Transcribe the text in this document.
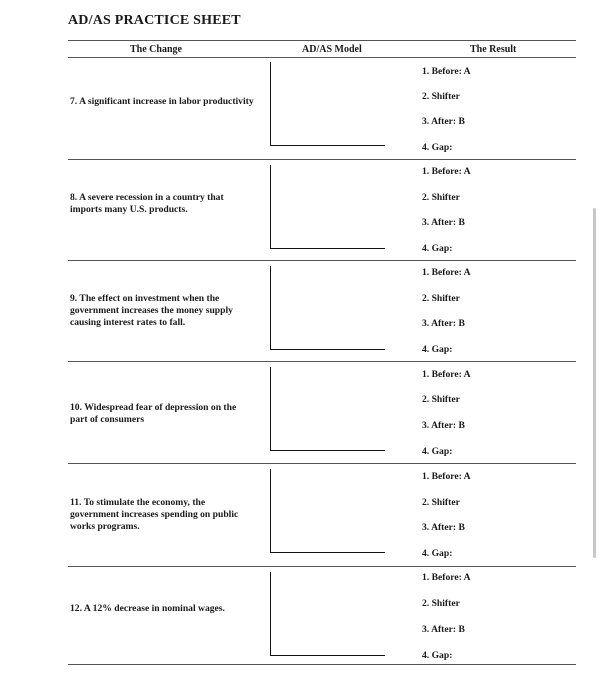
AD/AS PRACTICE SHEET
The Change	AD/AS Model	The Result
7. A significant increase in labor productivity
1. Before: A
2. Shifter
3. After: B
4. Gap:
8. A severe recession in a country that imports many U.S. products.
1. Before: A
2. Shifter
3. After: B
4. Gap:
9. The effect on investment when the government increases the money supply causing interest rates to fall.
1. Before: A
2. Shifter
3. After: B
4. Gap:
10. Widespread fear of depression on the part of consumers
1. Before: A
2. Shifter
3. After: B
4. Gap:
11. To stimulate the economy, the government increases spending on public works programs.
1. Before: A
2. Shifter
3. After: B
4. Gap:
12. A 12% decrease in nominal wages.
1. Before: A
2. Shifter
3. After: B
4. Gap:
